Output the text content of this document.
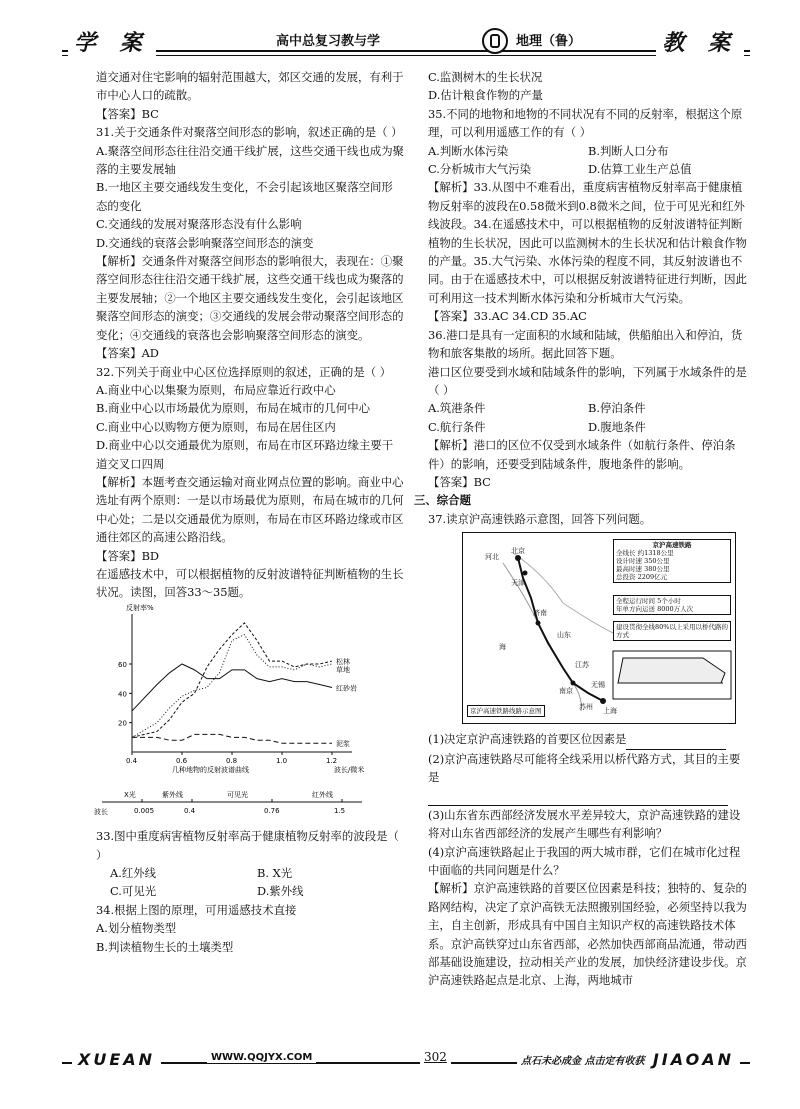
学 案	高中总复习教与学	地理（鲁）	教 案

道交通对住宅影响的辐射范围越大，郊区交通的发展，有利于市中心人口的疏散。

【答案】BC

31.关于交通条件对聚落空间形态的影响，叙述正确的是（ ）

A.聚落空间形态往往沿交通干线扩展，这些交通干线也成为聚落的主要发展轴

B.一地区主要交通线发生变化，不会引起该地区聚落空间形态的变化

C.交通线的发展对聚落形态没有什么影响

D.交通线的衰落会影响聚落空间形态的演变

【解析】交通条件对聚落空间形态的影响很大，表现在：①聚落空间形态往往沿交通干线扩展，这些交通干线也成为聚落的主要发展轴；②一个地区主要交通线发生变化，会引起该地区聚落空间形态的演变；③交通线的发展会带动聚落空间形态的变化；④交通线的衰落也会影响聚落空间形态的演变。

【答案】AD

32.下列关于商业中心区位选择原则的叙述，正确的是（ ）

A.商业中心以集聚为原则，布局应靠近行政中心

B.商业中心以市场最优为原则，布局在城市的几何中心

C.商业中心以购物方便为原则，布局在居住区内

D.商业中心以交通最优为原则，布局在市区环路边缘主要干道交叉口四周

【解析】本题考查交通运输对商业网点位置的影响。商业中心选址有两个原则：一是以市场最优为原则，布局在城市的几何中心处；二是以交通最优为原则，布局在市区环路边缘或市区通往郊区的高速公路沿线。

【答案】BD

在遥感技术中，可以根据植物的反射波谱特征判断植物的生长状况。读图，回答33～35题。

反射率%
20
40
60
0.4	0.6	0.8	1.0	1.2
几种地物的反射波谱曲线	波长/微米
松林
草地
红砂岩
泥浆
波长	0.005	0.4	0.76	1.5
X光	紫外线	可见光	红外线

33.图中重度病害植物反射率高于健康植物反射率的波段是（ ）

A.红外线	B. X光
C.可见光	D.紫外线

34.根据上图的原理，可用遥感技术直接

A.划分植物类型

B.判读植物生长的土壤类型

C.监测树木的生长状况

D.估计粮食作物的产量

35.不同的地物和地物的不同状况有不同的反射率，根据这个原理，可以利用遥感工作的有（ ）

A.判断水体污染	B.判断人口分布
C.分析城市大气污染	D.估算工业生产总值

【解析】33.从图中不难看出，重度病害植物反射率高于健康植物反射率的波段在0.58微米到0.8微米之间，位于可见光和红外线波段。34.在遥感技术中，可以根据植物的反射波谱特征判断植物的生长状况，因此可以监测树木的生长状况和估计粮食作物的产量。35.大气污染、水体污染的程度不同，其反射波谱也不同。由于在遥感技术中，可以根据反射波谱特征进行判断，因此可利用这一技术判断水体污染和分析城市大气污染。

【答案】33.AC 34.CD 35.AC

36.港口是具有一定面积的水域和陆域，供船舶出入和停泊，货物和旅客集散的场所。据此回答下题。

港口区位要受到水域和陆域条件的影响，下列属于水域条件的是（ ）

A.筑港条件	B.停泊条件
C.航行条件	D.腹地条件

【解析】港口的区位不仅受到水域条件（如航行条件、停泊条件）的影响，还要受到陆域条件，腹地条件的影响。

【答案】BC

三、综合题

37.读京沪高速铁路示意图，回答下列问题。

河北
北京
天津
济南
山东
海
江苏
南京
无锡
苏州 上海
京沪高速铁路
全线长 约1318公里
设计时速 350公里
最高时速 380公里
总投资 2209亿元
全程运行时间 5个小时
年单方向运送 8000万人次
建设贯彻全线80%以上采用以桥代路的方式
京沪高速铁路线路示意图

(1)决定京沪高速铁路的首要区位因素是

(2)京沪高速铁路尽可能将全线采用以桥代路方式，其目的主要是

(3)山东省东西部经济发展水平差异较大，京沪高速铁路的建设将对山东省西部经济的发展产生哪些有利影响？

(4)京沪高速铁路起止于我国的两大城市群，它们在城市化过程中面临的共同问题是什么？

【解析】京沪高速铁路的首要区位因素是科技；独特的、复杂的路网结构，决定了京沪高铁无法照搬别国经验，必须坚持以我为主，自主创新，形成具有中国自主知识产权的高速铁路技术体系。京沪高铁穿过山东省西部，必然加快西部商品流通，带动西部基础设施建设，拉动相关产业的发展，加快经济建设步伐。京沪高速铁路起点是北京、上海，两地城市

XUEAN	WWW.QQJYX.COM	302	点石未必成金 点击定有收获 JIAOAN
